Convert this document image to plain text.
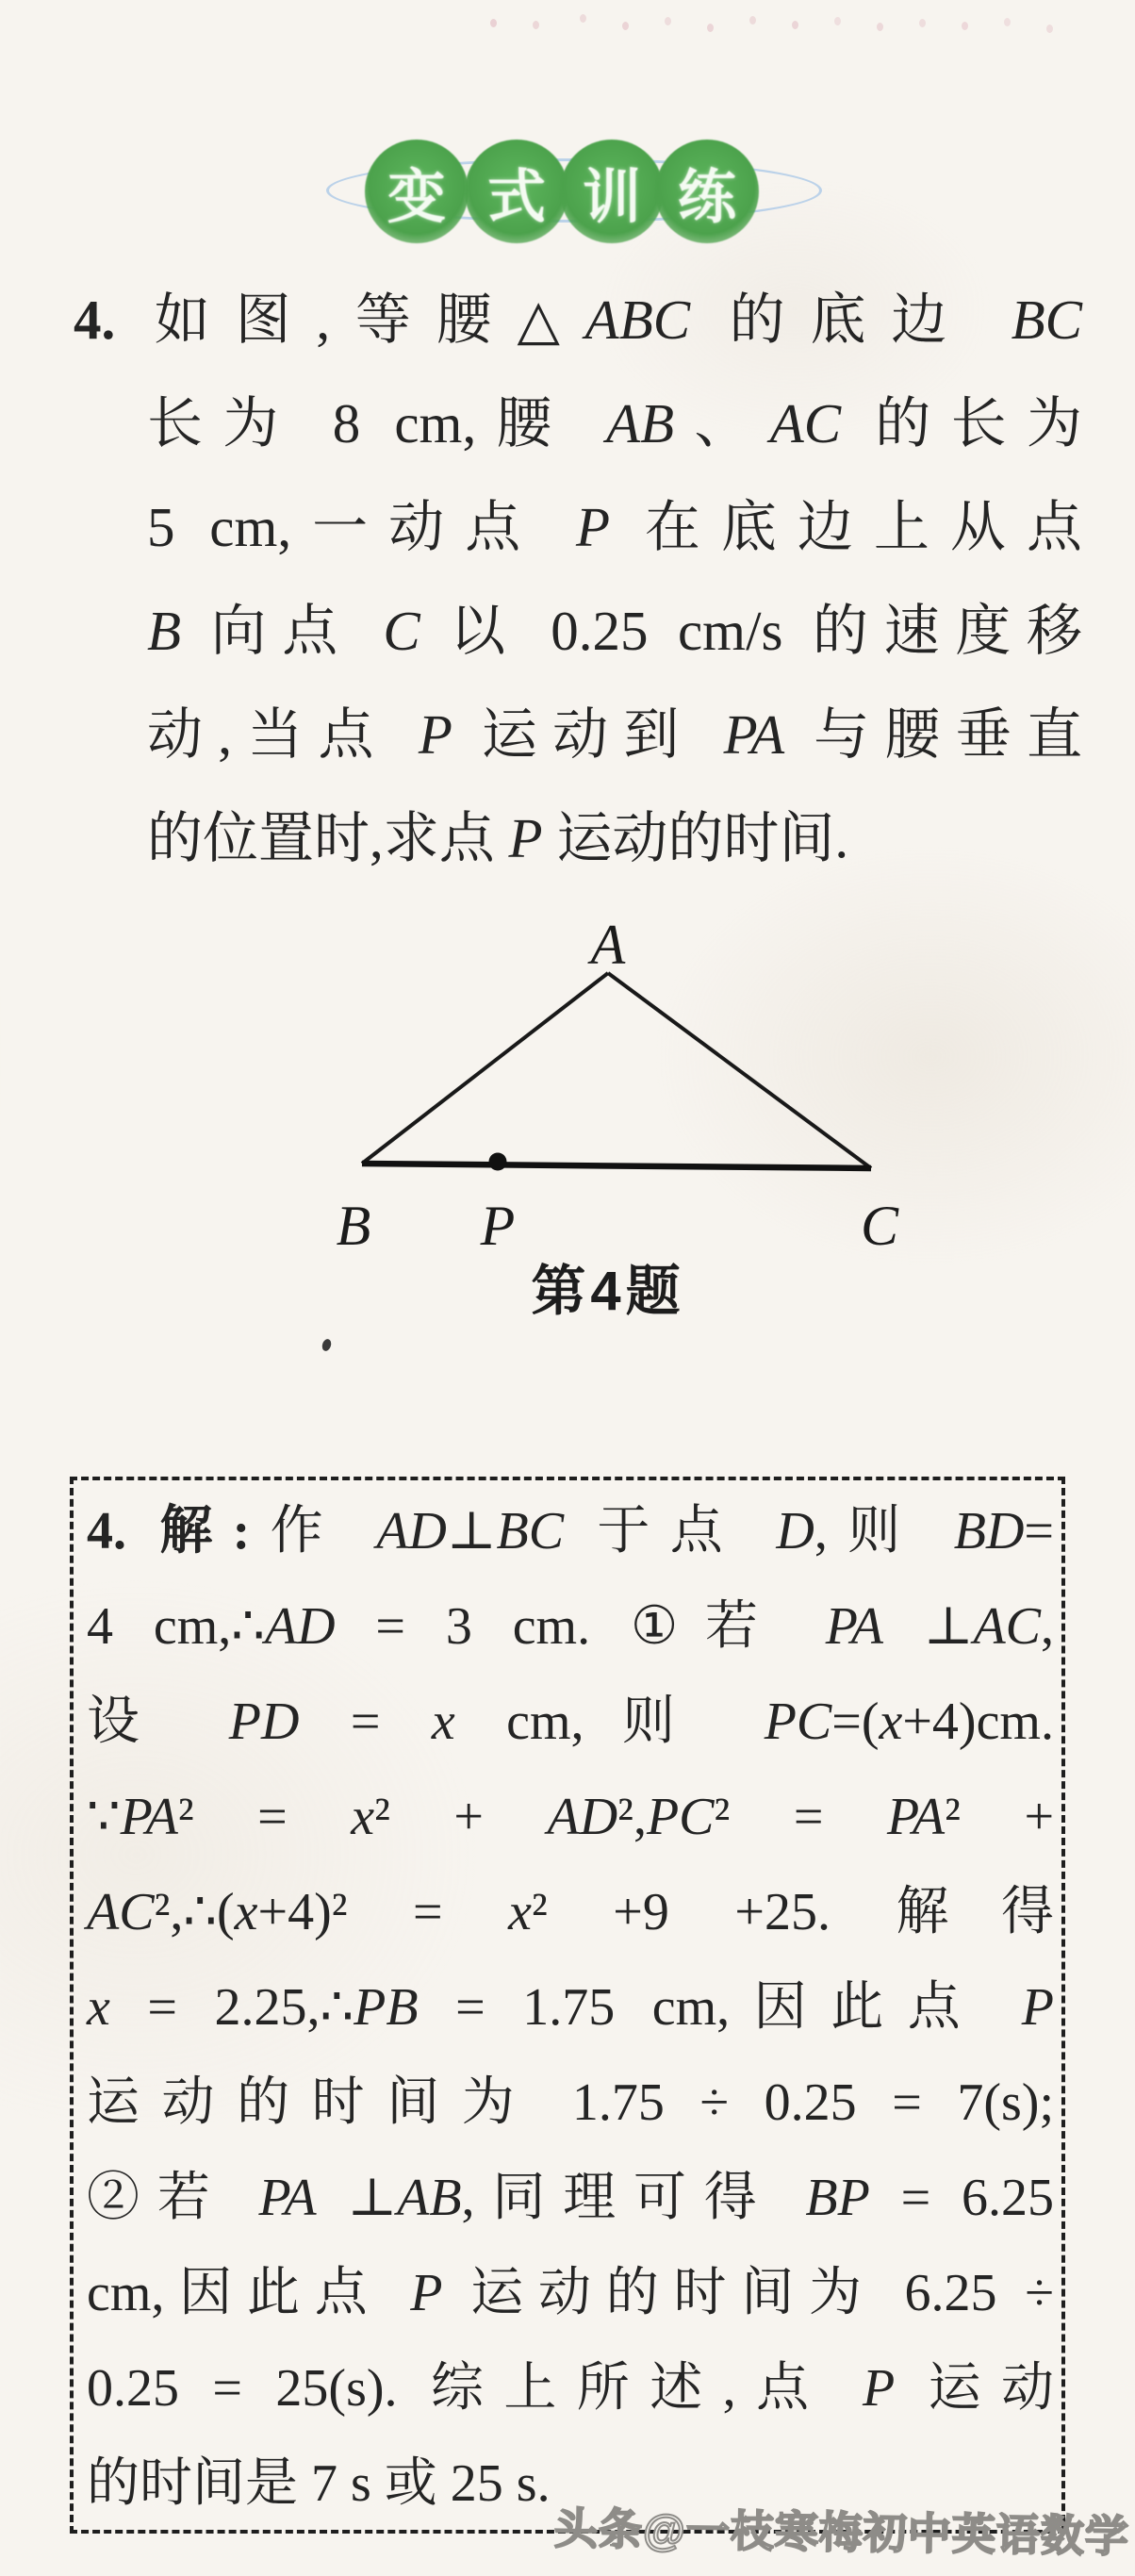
变 式 训 练
4. 如图,等腰△ABC 的底边 BC
长为 8 cm,腰 AB、AC 的长为
5 cm,一动点 P 在底边上从点
B 向点 C 以 0.25 cm/s 的速度移
动,当点 P 运动到 PA 与腰垂直
的位置时,求点 P 运动的时间.
A
B P	C
第4题
4. 解:作 AD⊥BC 于点 D,则 BD=
4 cm,∴AD = 3 cm. ①若 PA ⊥AC,
设 PD = x cm,则 PC=(x+4)cm.
∵PA² = x² + AD²,PC² = PA² +
AC²,∴(x+4)² = x² +9 +25. 解得
x = 2.25,∴PB = 1.75 cm,因此点 P
运动的时间为 1.75 ÷ 0.25 = 7(s);
②若 PA ⊥AB,同理可得 BP = 6.25
cm,因此点 P 运动的时间为 6.25 ÷
0.25 = 25(s). 综上所述,点 P 运动
的时间是 7 s 或 25 s.
头条@一枝寒梅初中英语数学
